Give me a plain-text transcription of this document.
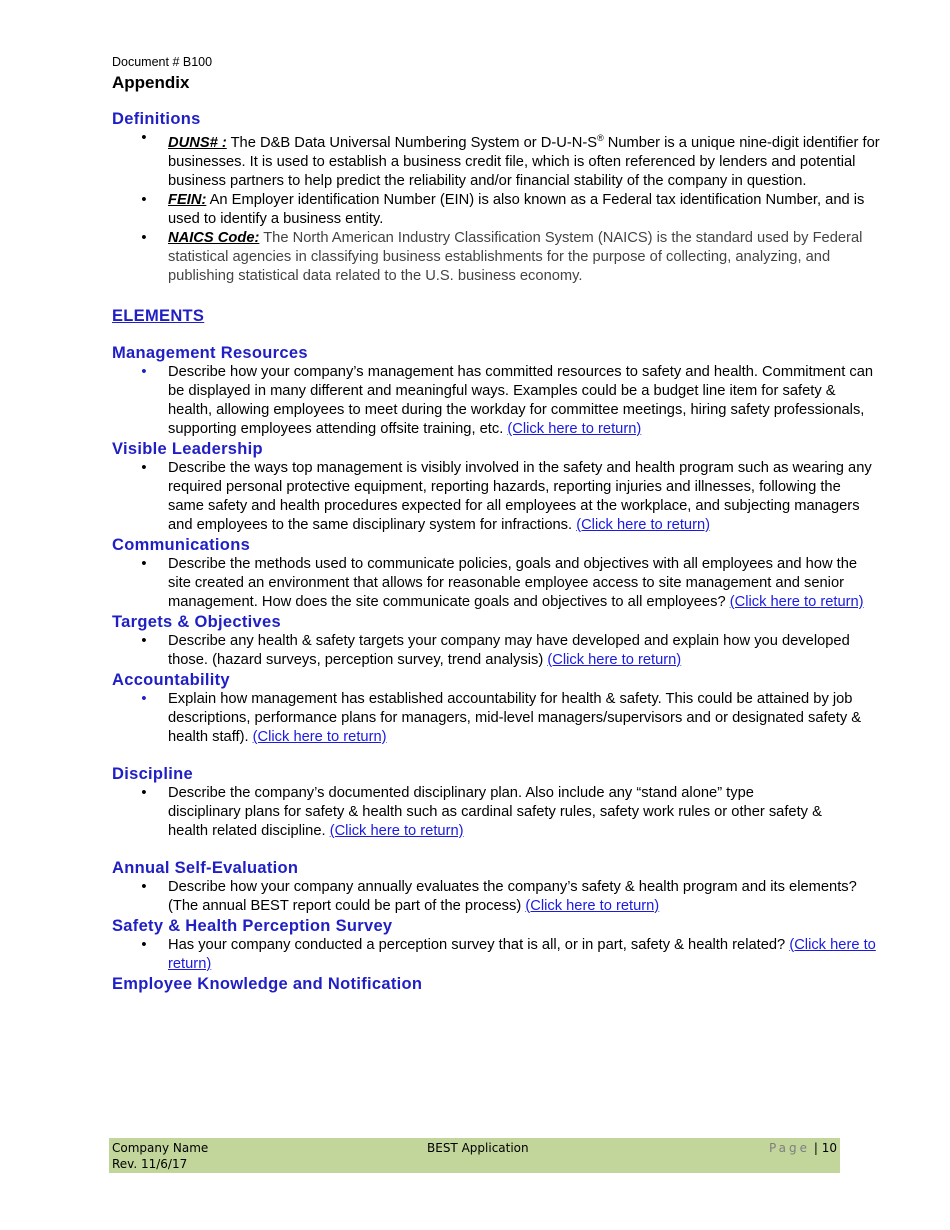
Document # B100
Appendix
Definitions
• DUNS# : The D&B Data Universal Numbering System or D-U-N-S® Number is a unique nine-digit identifier for businesses. It is used to establish a business credit file, which is often referenced by lenders and potential business partners to help predict the reliability and/or financial stability of the company in question.
• FEIN: An Employer identification Number (EIN) is also known as a Federal tax identification Number, and is used to identify a business entity.
• NAICS Code: The North American Industry Classification System (NAICS) is the standard used by Federal statistical agencies in classifying business establishments for the purpose of collecting, analyzing, and publishing statistical data related to the U.S. business economy.
ELEMENTS
Management Resources
• Describe how your company’s management has committed resources to safety and health. Commitment can be displayed in many different and meaningful ways. Examples could be a budget line item for safety & health, allowing employees to meet during the workday for committee meetings, hiring safety professionals, supporting employees attending offsite training, etc. (Click here to return)
Visible Leadership
• Describe the ways top management is visibly involved in the safety and health program such as wearing any required personal protective equipment, reporting hazards, reporting injuries and illnesses, following the same safety and health procedures expected for all employees at the workplace, and subjecting managers and employees to the same disciplinary system for infractions. (Click here to return)
Communications
• Describe the methods used to communicate policies, goals and objectives with all employees and how the site created an environment that allows for reasonable employee access to site management and senior management. How does the site communicate goals and objectives to all employees? (Click here to return)
Targets & Objectives
• Describe any health & safety targets your company may have developed and explain how you developed those. (hazard surveys, perception survey, trend analysis) (Click here to return)
Accountability
• Explain how management has established accountability for health & safety. This could be attained by job descriptions, performance plans for managers, mid-level managers/supervisors and or designated safety & health staff). (Click here to return)
Discipline
• Describe the company’s documented disciplinary plan. Also include any “stand alone” type disciplinary plans for safety & health such as cardinal safety rules, safety work rules or other safety & health related discipline. (Click here to return)
Annual Self-Evaluation
• Describe how your company annually evaluates the company’s safety & health program and its elements? (The annual BEST report could be part of the process) (Click here to return)
Safety & Health Perception Survey
• Has your company conducted a perception survey that is all, or in part, safety & health related? (Click here to return)
Employee Knowledge and Notification
Company Name
Rev. 11/6/17
BEST Application	Page | 10
